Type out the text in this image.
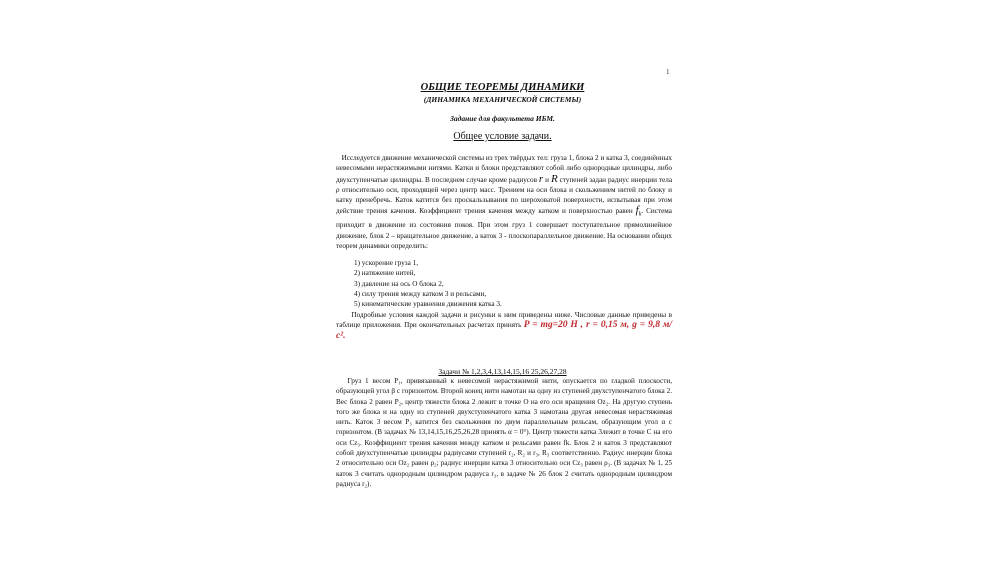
1
ОБЩИЕ ТЕОРЕМЫ ДИНАМИКИ
(ДИНАМИКА МЕХАНИЧЕСКОЙ СИСТЕМЫ)
Задание для факультета ИБМ.
Общее условие задачи.
Исследуется движение механической системы из трех твёрдых тел: груза 1, блока 2 и катка 3, соединённых невесомыми нерастяжимыми нитями. Катки и блоки представляют собой либо однородные цилиндры, либо двухступенчатые цилиндры. В последнем случае кроме радиусов r и R ступеней задан радиус инерции тела ρ относительно оси, проходящей через центр масс. Трением на оси блока и скольжением нитей по блоку и катку пренебречь. Каток катится без проскальзывания по шероховатой поверхности, испытывая при этом действие трения качения. Коэффициент трения качения между катком и поверхностью равен $f_k$. Система приходит в движение из состояния покоя. При этом груз 1 совершает поступательное прямолинейное движение, блок 2 – вращательное движение, а каток 3 - плоскопараллельное движение. На основании общих теорем динамики определить:
1) ускорение груза 1,
2) натяжение нитей,
3) давление на ось O блока 2,
4) силу трения между катком 3 и рельсами,
5) кинематические уравнения движения катка 3.
Подробные условия каждой задачи и рисунки к ним приведены ниже. Числовые данные приведены в таблице приложения. При окончательных расчетах принять P = mg=20 Н , r = 0,15 м, g = 9,8 м/с².
Задачи № 1,2,3,4,13,14,15,16 25,26,27,28
Груз 1 весом P₁, привязанный к невесомой нерастяжимой нити, опускается по гладкой плоскости, образующей угол β с горизонтом. Второй конец нити намотан на одну из ступеней двухступенчатого блока 2. Вес блока 2 равен P₂, центр тяжести блока 2 лежит в точке O на его оси вращения Oz₂. На другую ступень того же блока и на одну из ступеней двухступенчатого катка 3 намотана другая невесомая нерастяжимая нить. Каток 3 весом P₃ катится без скольжения по двум параллельным рельсам, образующим угол α с горизонтом. (В задачах № 13,14,15,16,25,26,28 принять α = 0°). Центр тяжести катка 3лежит в точке C на его оси Cz₃. Коэффициент трения качения между катком и рельсами равен fk. Блок 2 и каток 3 представляют собой двухступенчатые цилиндры радиусами ступеней r₂, R₂ и r₃, R₃ соответственно. Радиус инерции блока 2 относительно оси Oz₂ равен ρ₂; радиус инерции катка 3 относительно оси Cz₃ равен ρ₃. (В задачах № 1, 25 каток 3 считать однородным цилиндром радиуса r₃, в задаче № 26 блок 2 считать однородным цилиндром радиуса r₂).
